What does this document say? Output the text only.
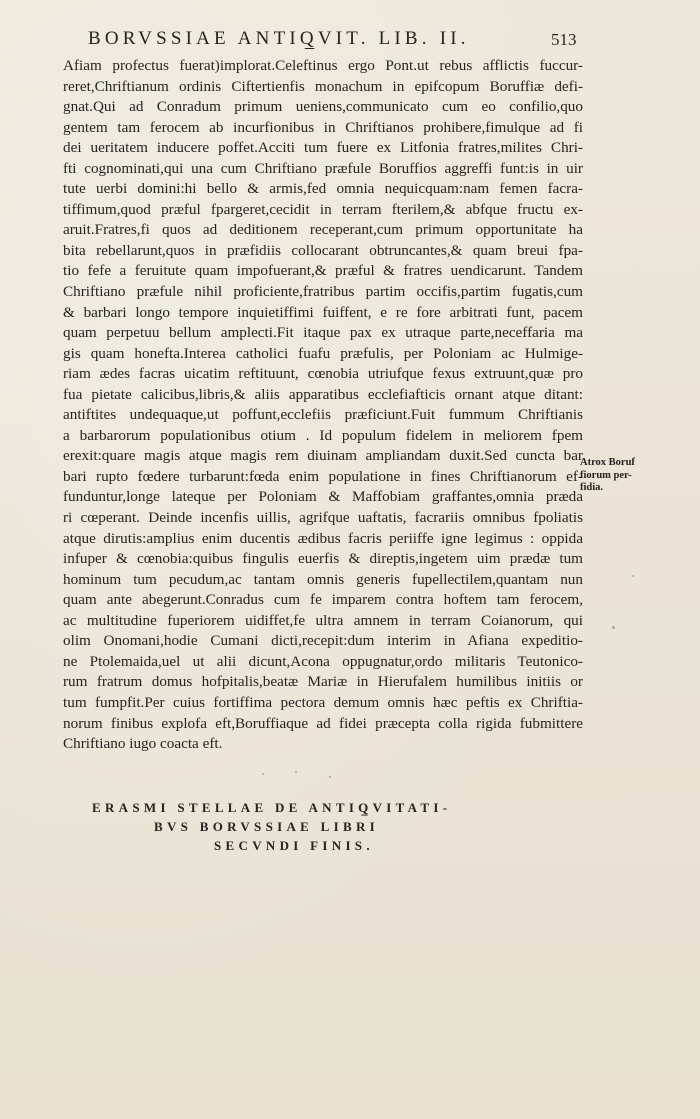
BORVSSIAE ANTIQ̲VIT. LIB. II.	513
Afiam profectus fuerat)implorat.Celeftinus ergo Pont.ut rebus afflictis fuccur-
reret,Chriftianum ordinis Ciftertienfis monachum in epifcopum Boruffiæ defi-
gnat.Qui ad Conradum primum ueniens,communicato cum eo confilio,quo
gentem tam ferocem ab incurfionibus in Chriftianos prohibere,fimulque ad fi
dei ueritatem inducere poffet.Acciti tum fuere ex Litfonia fratres,milites Chri-
fti cognominati,qui una cum Chriftiano præfule Boruffios aggreffi funt:is in uir
tute uerbi domini:hi bello & armis,fed omnia nequicquam:nam femen facra-
tiffimum,quod præful fpargeret,cecidit in terram fterilem,& abfque fructu ex-
aruit.Fratres,fi quos ad deditionem receperant,cum primum opportunitate ha
bita rebellarunt,quos in præfidiis collocarant obtruncantes,& quam breui fpa-
tio fefe a feruitute quam impofuerant,& præful & fratres uendicarunt. Tandem
Chriftiano præfule nihil proficiente,fratribus partim occifis,partim fugatis,cum
& barbari longo tempore inquietiffimi fuiffent, e re fore arbitrati funt, pacem
quam perpetuu bellum amplecti.Fit itaque pax ex utraque parte,neceffaria ma
gis quam honefta.Interea catholici fuafu præfulis, per Poloniam ac Hulmige-
riam ædes facras uicatim reftituunt, cœnobia utriufque fexus extruunt,quæ pro
fua pietate calicibus,libris,& aliis apparatibus ecclefiafticis ornant atque ditant:
antiftites undequaque,ut poffunt,ecclefiis præficiunt.Fuit fummum Chriftianis
a barbarorum populationibus otium . Id populum fidelem in meliorem fpem
erexit:quare magis atque magis rem diuinam ampliandam duxit.Sed cuncta bar
bari rupto fœdere turbarunt:fœda enim populatione in fines Chriftianorum ef-
funduntur,longe lateque per Poloniam & Maffobiam graffantes,omnia præda
ri cœperant. Deinde incenfis uillis, agrifque uaftatis, facrariis omnibus fpoliatis
atque dirutis:amplius enim ducentis ædibus facris periiffe igne legimus : oppida
infuper & cœnobia:quibus fingulis euerfis & direptis,ingetem uim prædæ tum
hominum tum pecudum,ac tantam omnis generis fupellectilem,quantam nun
quam ante abegerunt.Conradus cum fe imparem contra hoftem tam ferocem,
ac multitudine fuperiorem uidiffet,fe ultra amnem in terram Coianorum, qui
olim Onomani,hodie Cumani dicti,recepit:dum interim in Afiana expeditio-
ne Ptolemaida,uel ut alii dicunt,Acona oppugnatur,ordo militaris Teutonico-
rum fratrum domus hofpitalis,beatæ Mariæ in Hierufalem humilibus initiis or
tum fumpfit.Per cuius fortiffima pectora demum omnis hæc peftis ex Chriftia-
norum finibus explofa eft,Boruffiaque ad fidei præcepta colla rigida fubmittere
Chriftiano iugo coacta eft.
Atrox Boruf
fiorum per-
fidia.
ERASMI STELLAE DE ANTIQ̲VITATI-
BVS BORVSSIAE LIBRI
SECVNDI FINIS.
